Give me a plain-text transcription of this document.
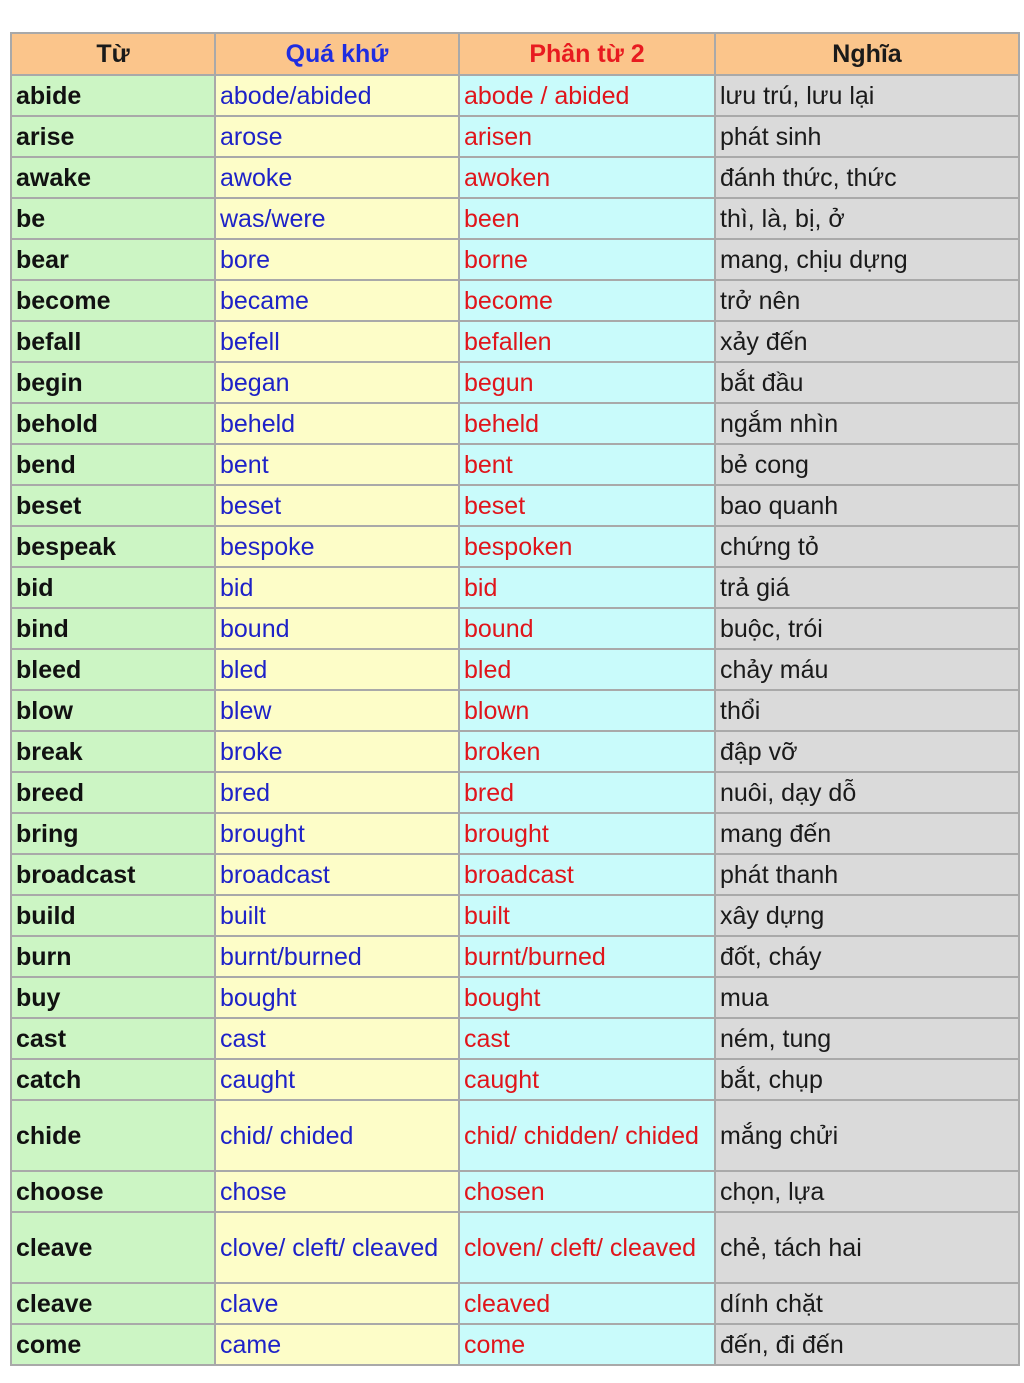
Từ	Quá khứ	Phân từ 2	Nghĩa
abide	abode/abided	abode / abided	lưu trú, lưu lại
arise	arose	arisen	phát sinh
awake	awoke	awoken	đánh thức, thức
be	was/were	been	thì, là, bị, ở
bear	bore	borne	mang, chịu dựng
become	became	become	trở nên
befall	befell	befallen	xảy đến
begin	began	begun	bắt đầu
behold	beheld	beheld	ngắm nhìn
bend	bent	bent	bẻ cong
beset	beset	beset	bao quanh
bespeak	bespoke	bespoken	chứng tỏ
bid	bid	bid	trả giá
bind	bound	bound	buộc, trói
bleed	bled	bled	chảy máu
blow	blew	blown	thổi
break	broke	broken	đập vỡ
breed	bred	bred	nuôi, dạy dỗ
bring	brought	brought	mang đến
broadcast	broadcast	broadcast	phát thanh
build	built	built	xây dựng
burn	burnt/burned	burnt/burned	đốt, cháy
buy	bought	bought	mua
cast	cast	cast	ném, tung
catch	caught	caught	bắt, chụp
chide	chid/ chided	chid/ chidden/ chided	mắng chửi
choose	chose	chosen	chọn, lựa
cleave	clove/ cleft/ cleaved	cloven/ cleft/ cleaved	chẻ, tách hai
cleave	clave	cleaved	dính chặt
come	came	come	đến, đi đến
